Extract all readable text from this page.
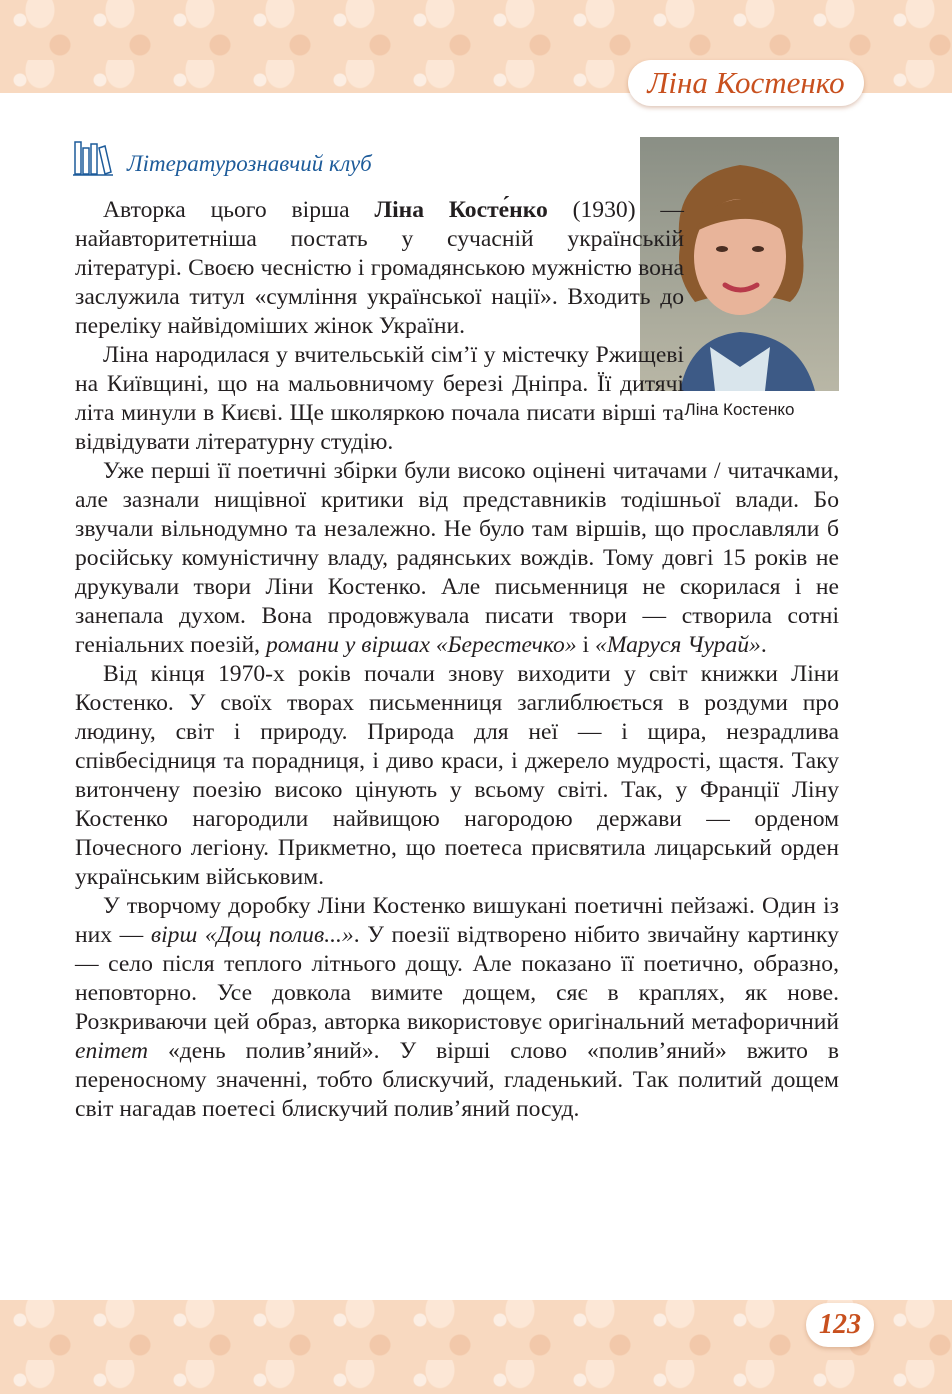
Ліна Костенко
Літературознавчий клуб
Ліна Костенко

Авторка цього вірша Ліна Косте́нко (1930) — найавторитетніша постать у сучасній українській літературі. Своєю чесністю і громадянською мужністю вона заслужила титул «сумління української нації». Входить до переліку найвідоміших жінок України.

Ліна народилася у вчительській сім’ї у містечку Ржищеві на Київщині, що на мальовничому березі Дніпра. Її дитячі літа минули в Києві. Ще школяркою почала писати вірші та відвідувати літературну студію.

Уже перші її поетичні збірки були високо оцінені читачами / читачками, але зазнали нищівної критики від представників тодішньої влади. Бо звучали вільнодумно та незалежно. Не було там віршів, що прославляли б російську комуністичну владу, радянських вождів. Тому довгі 15 років не друкували твори Ліни Костенко. Але письменниця не скорилася і не занепала духом. Вона продовжувала писати твори — створила сотні геніальних поезій, романи у віршах «Берестечко» і «Маруся Чурай».

Від кінця 1970-х років почали знову виходити у світ книжки Ліни Костенко. У своїх творах письменниця заглиблюється в роздуми про людину, світ і природу. Природа для неї — і щира, незрадлива співбесідниця та порадниця, і диво краси, і джерело мудрості, щастя. Таку витончену поезію високо цінують у всьому світі. Так, у Франції Ліну Костенко нагородили найвищою нагородою держави — орденом Почесного легіону. Прикметно, що поетеса присвятила лицарський орден українським військовим.

У творчому доробку Ліни Костенко вишукані поетичні пейзажі. Один із них — вірш «Дощ полив...». У поезії відтворено нібито звичайну картинку — село після теплого літнього дощу. Але показано її поетично, образно, неповторно. Усе довкола вимите дощем, сяє в краплях, як нове. Розкриваючи цей образ, авторка використовує оригінальний метафоричний епітет «день полив’яний». У вірші слово «полив’яний» вжито в переносному значенні, тобто блискучий, гладенький. Так политий дощем світ нагадав поетесі блискучий полив’яний посуд.

123
